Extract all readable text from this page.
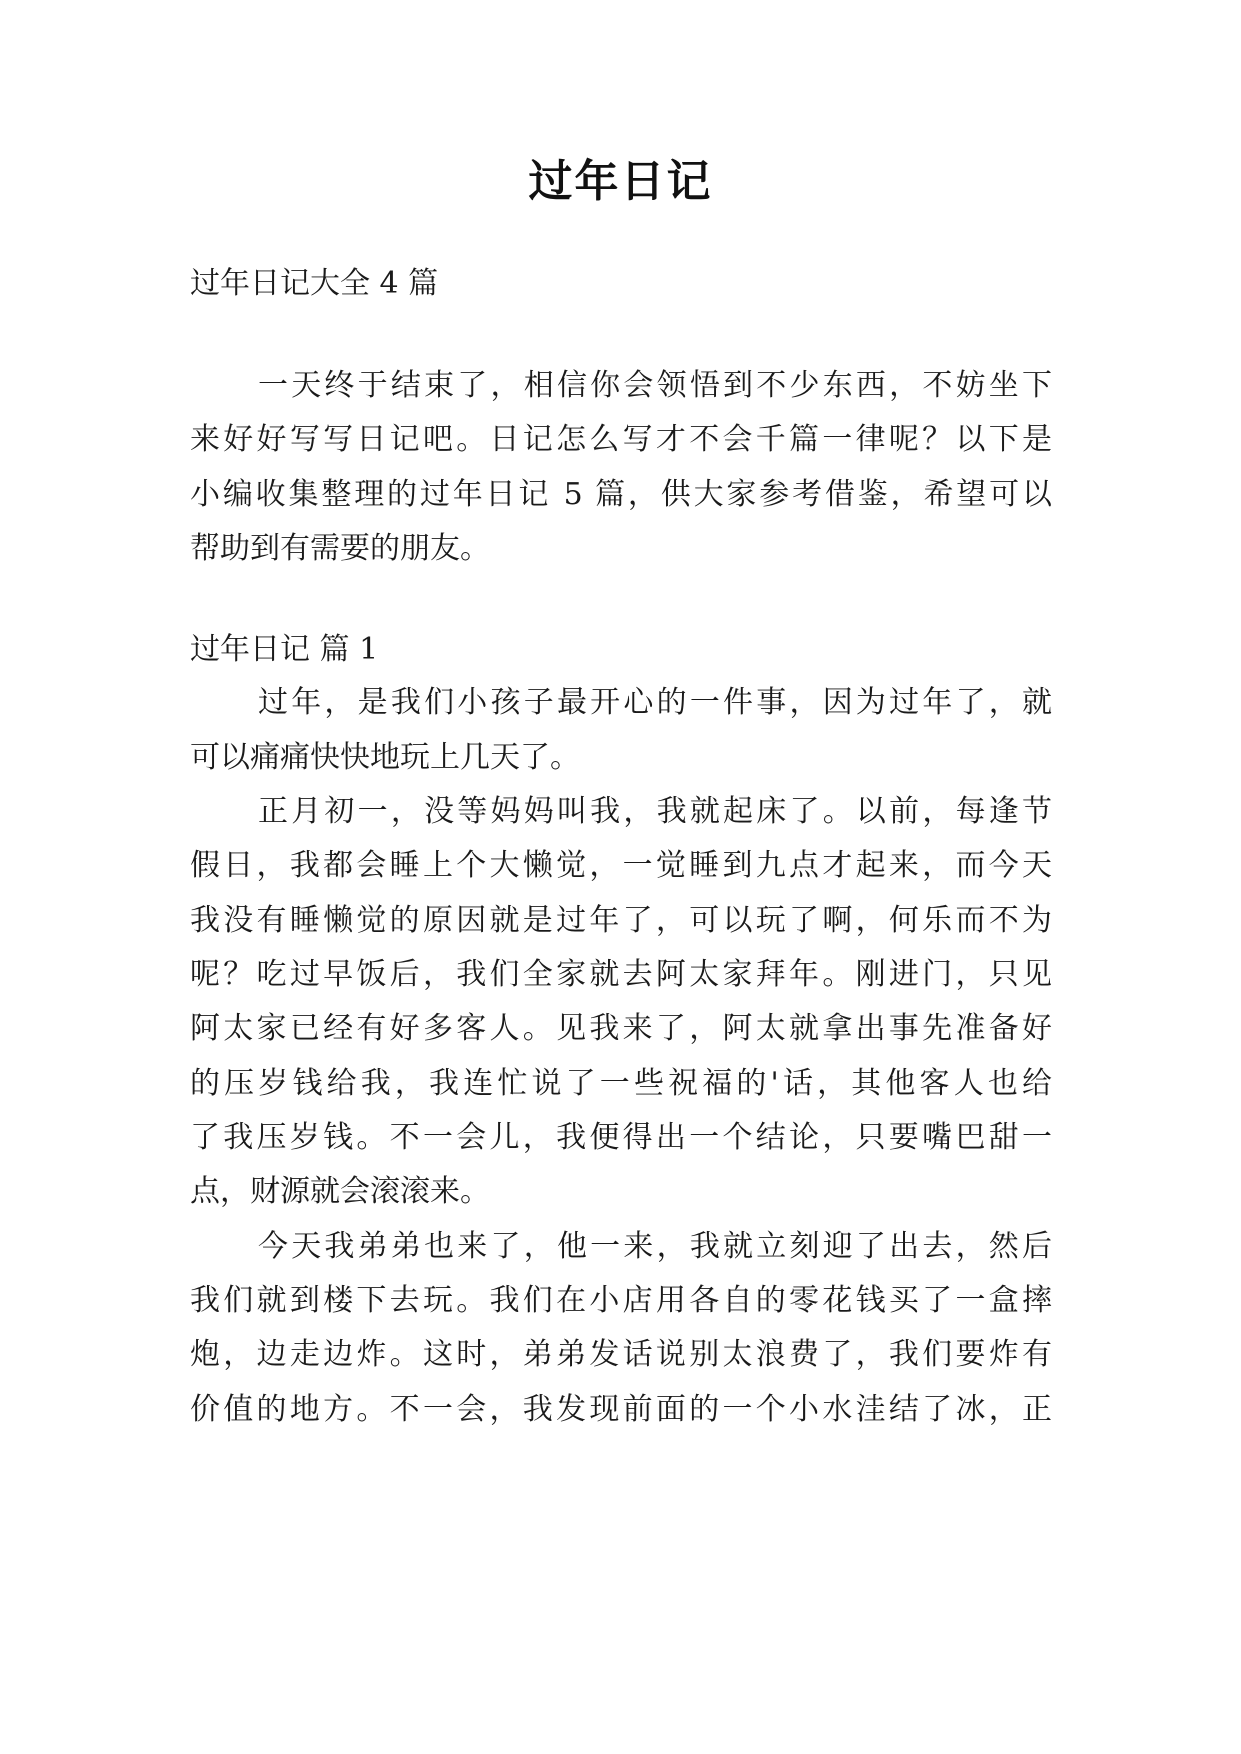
过年日记
过年日记大全 4 篇
一天终于结束了，相信你会领悟到不少东西，不妨坐下
来好好写写日记吧。日记怎么写才不会千篇一律呢？以下是
小编收集整理的过年日记 5 篇，供大家参考借鉴，希望可以
帮助到有需要的朋友。
过年日记 篇 1
过年，是我们小孩子最开心的一件事，因为过年了，就
可以痛痛快快地玩上几天了。
正月初一，没等妈妈叫我，我就起床了。以前，每逢节
假日，我都会睡上个大懒觉，一觉睡到九点才起来，而今天
我没有睡懒觉的原因就是过年了，可以玩了啊，何乐而不为
呢？吃过早饭后，我们全家就去阿太家拜年。刚进门，只见
阿太家已经有好多客人。见我来了，阿太就拿出事先准备好
的压岁钱给我，我连忙说了一些祝福的'话，其他客人也给
了我压岁钱。不一会儿，我便得出一个结论，只要嘴巴甜一
点，财源就会滚滚来。
今天我弟弟也来了，他一来，我就立刻迎了出去，然后
我们就到楼下去玩。我们在小店用各自的零花钱买了一盒摔
炮，边走边炸。这时，弟弟发话说别太浪费了，我们要炸有
价值的地方。不一会，我发现前面的一个小水洼结了冰，正
